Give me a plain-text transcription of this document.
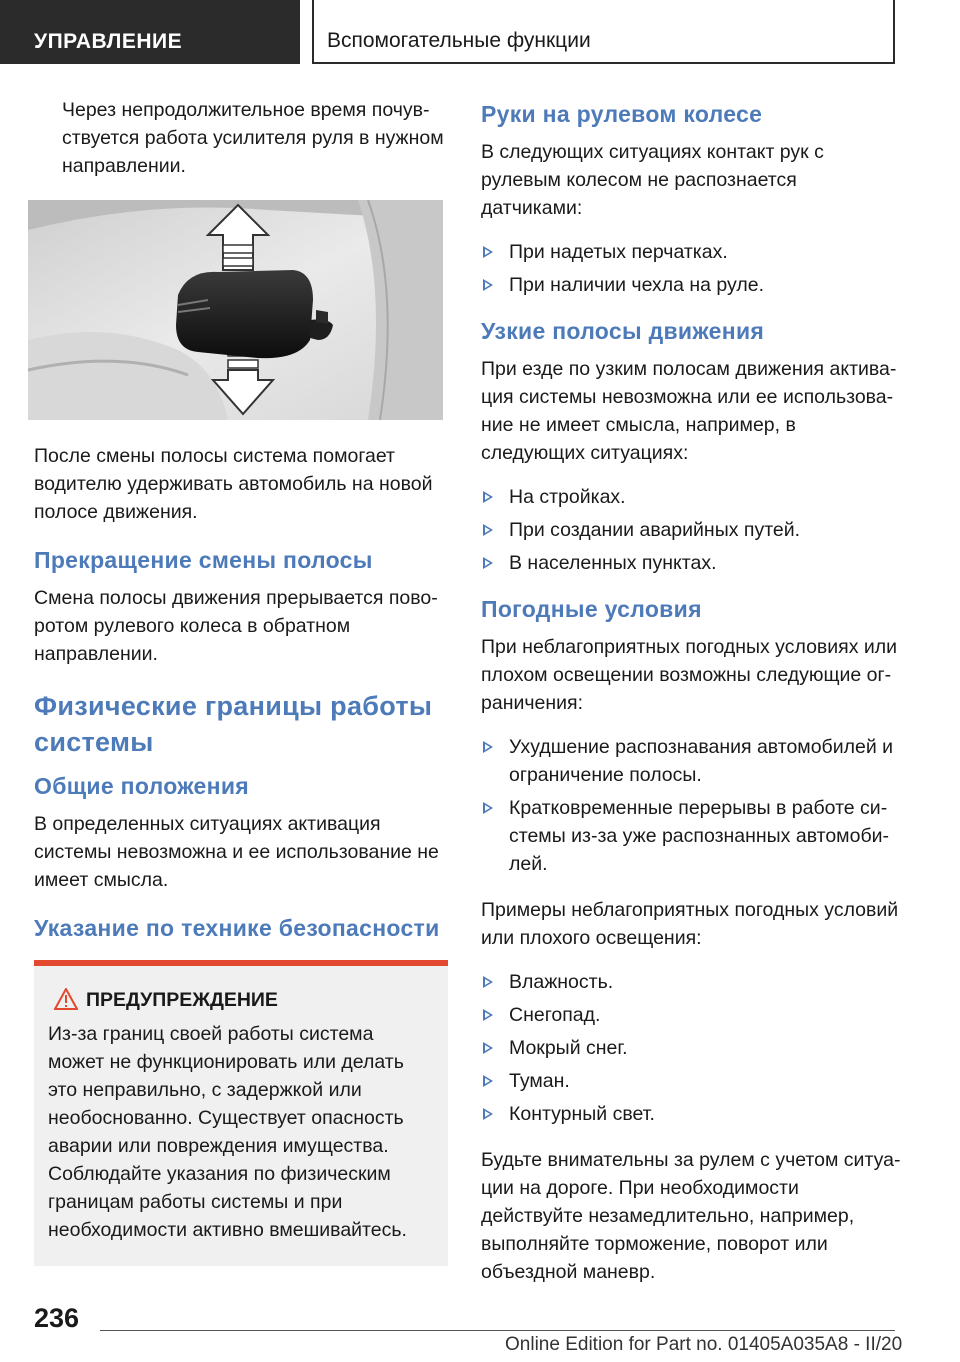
УПРАВЛЕНИЕ	Вспомогательные функции

Через непродолжительное время почувствуется работа усилителя руля в нужном направлении.

После смены полосы система помогает водителю удерживать автомобиль на новой полосе движения.

Прекращение смены полосы

Смена полосы движения прерывается поворотом рулевого колеса в обратном направлении.

Физические границы работы системы
Общие положения

В определенных ситуациях активация системы невозможна и ее использование не имеет смысла.

Указание по технике безопасности
ПРЕДУПРЕЖДЕНИЕ
Из-за границ своей работы система может не функционировать или делать это неправильно, с задержкой или необоснованно. Существует опасность аварии или повреждения имущества. Соблюдайте указания по физическим границам работы системы и при необходимости активно вмешивайтесь.
Руки на рулевом колесе

В следующих ситуациях контакт рук с рулевым колесом не распознается датчиками:

При надетых перчатках.
При наличии чехла на руле.
Узкие полосы движения

При езде по узким полосам движения активация системы невозможна или ее использование не имеет смысла, например, в следующих ситуациях:

На стройках.
При создании аварийных путей.
В населенных пунктах.
Погодные условия

При неблагоприятных погодных условиях или плохом освещении возможны следующие ограничения:

Ухудшение распознавания автомобилей и ограничение полосы.
Кратковременные перерывы в работе системы из-за уже распознанных автомобилей.

Примеры неблагоприятных погодных условий или плохого освещения:

Влажность.
Снегопад.
Мокрый снег.
Туман.
Контурный свет.

Будьте внимательны за рулем с учетом ситуации на дороге. При необходимости действуйте незамедлительно, например, выполняйте торможение, поворот или объездной маневр.

236
Online Edition for Part no. 01405A035A8 - II/20
